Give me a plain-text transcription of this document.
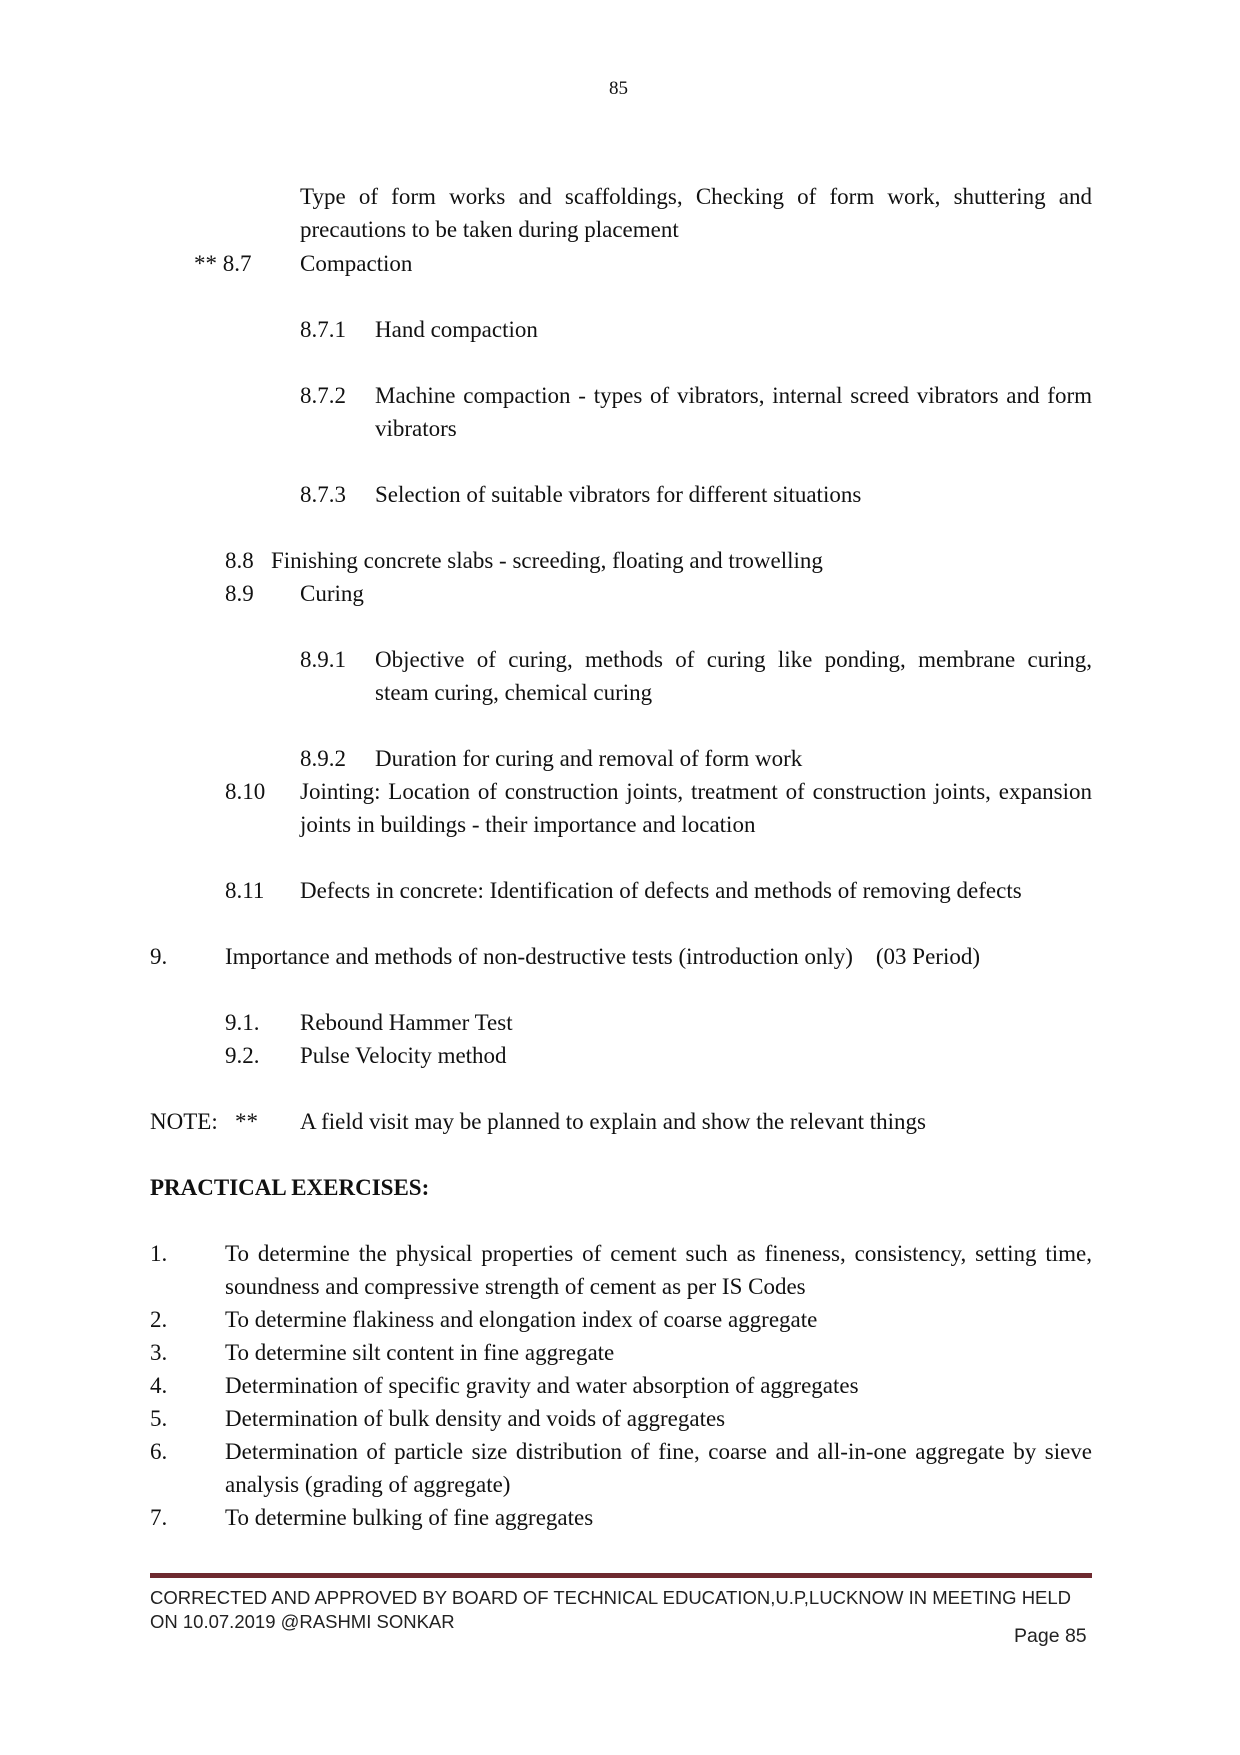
85
Type of form works and scaffoldings, Checking of form work, shuttering and precautions to be taken during placement
** 8.7 Compaction
8.7.1 Hand compaction
8.7.2 Machine compaction - types of vibrators, internal screed vibrators and form vibrators
8.7.3 Selection of suitable vibrators for different situations
8.8   Finishing concrete slabs - screeding, floating and trowelling
8.9 Curing
8.9.1 Objective of curing, methods of curing like ponding, membrane curing, steam curing, chemical curing
8.9.2 Duration for curing and removal of form work
8.10 Jointing: Location of construction joints, treatment of construction joints, expansion joints in buildings - their importance and location
8.11 Defects in concrete: Identification of defects and methods of removing defects
9.	Importance and methods of non-destructive tests (introduction only)    (03 Period)
9.1. Rebound Hammer Test
9.2. Pulse Velocity method
NOTE:   ** A field visit may be planned to explain and show the relevant things
PRACTICAL EXERCISES:
1.	To determine the physical properties of cement such as fineness, consistency, setting time, soundness and compressive strength of cement as per IS Codes
2.	To determine flakiness and elongation index of coarse aggregate
3.	To determine silt content in fine aggregate
4.	Determination of specific gravity and water absorption of aggregates
5.	Determination of bulk density and voids of aggregates
6.	Determination of particle size distribution of fine, coarse and all-in-one aggregate by sieve analysis (grading of aggregate)
7.	To determine bulking of fine aggregates
CORRECTED AND APPROVED BY BOARD OF TECHNICAL EDUCATION,U.P,LUCKNOW IN MEETING HELD
ON 10.07.2019 @RASHMI SONKAR
Page 85
